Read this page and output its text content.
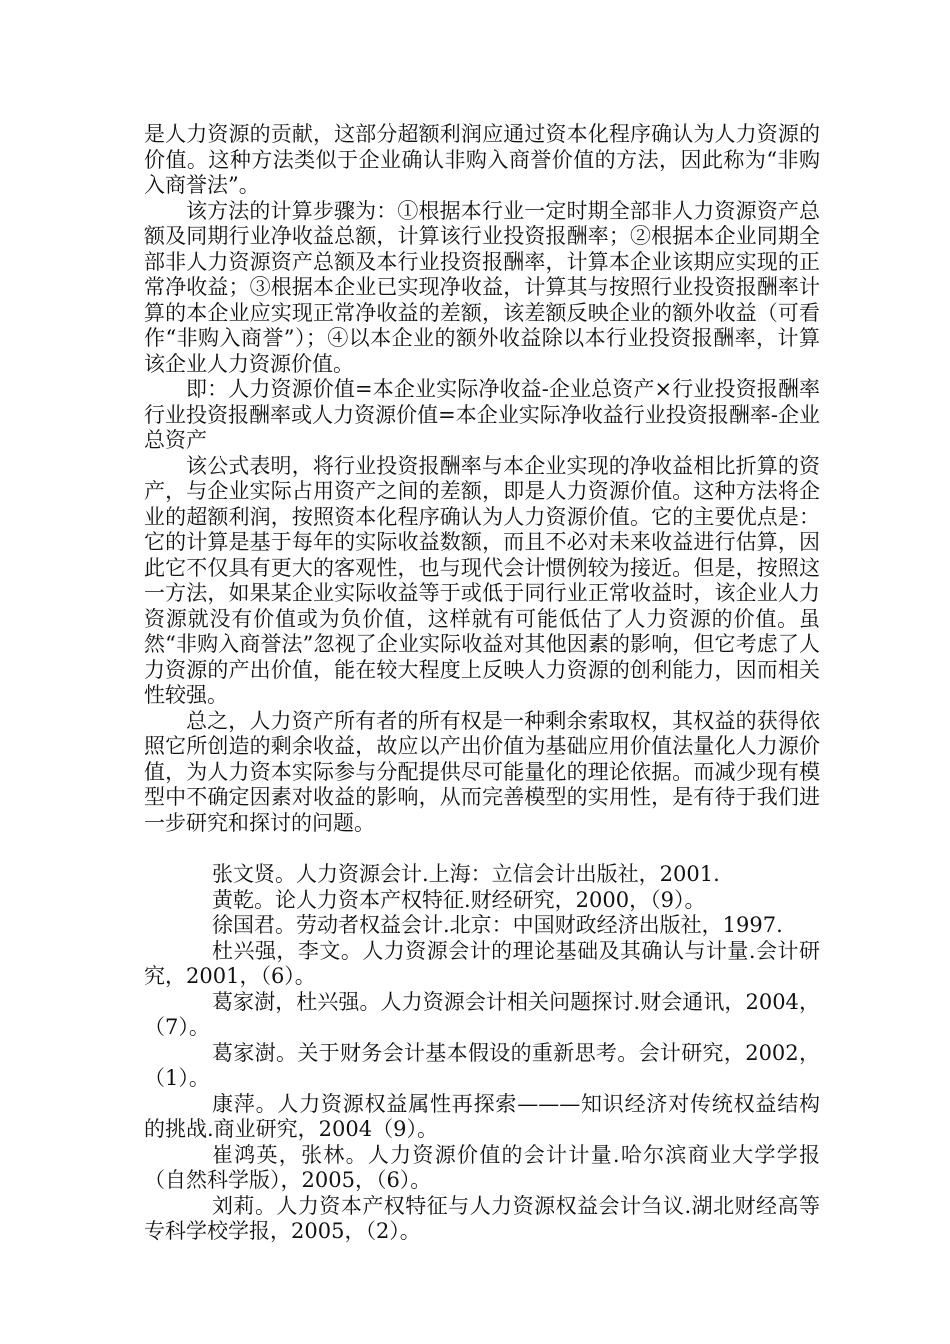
是人力资源的贡献，这部分超额利润应通过资本化程序确认为人力资源的价值。这种方法类似于企业确认非购入商誉价值的方法，因此称为“非购入商誉法”。

该方法的计算步骤为：①根据本行业一定时期全部非人力资源资产总额及同期行业净收益总额，计算该行业投资报酬率；②根据本企业同期全部非人力资源资产总额及本行业投资报酬率，计算本企业该期应实现的正常净收益；③根据本企业已实现净收益，计算其与按照行业投资报酬率计算的本企业应实现正常净收益的差额，该差额反映企业的额外收益（可看作“非购入商誉”）；④以本企业的额外收益除以本行业投资报酬率，计算该企业人力资源价值。

即：人力资源价值=本企业实际净收益-企业总资产×行业投资报酬率行业投资报酬率或人力资源价值=本企业实际净收益行业投资报酬率-企业总资产

该公式表明，将行业投资报酬率与本企业实现的净收益相比折算的资产，与企业实际占用资产之间的差额，即是人力资源价值。这种方法将企业的超额利润，按照资本化程序确认为人力资源价值。它的主要优点是：它的计算是基于每年的实际收益数额，而且不必对未来收益进行估算，因此它不仅具有更大的客观性，也与现代会计惯例较为接近。但是，按照这一方法，如果某企业实际收益等于或低于同行业正常收益时，该企业人力资源就没有价值或为负价值，这样就有可能低估了人力资源的价值。虽然“非购入商誉法”忽视了企业实际收益对其他因素的影响，但它考虑了人力资源的产出价值，能在较大程度上反映人力资源的创利能力，因而相关性较强。

总之，人力资产所有者的所有权是一种剩余索取权，其权益的获得依照它所创造的剩余收益，故应以产出价值为基础应用价值法量化人力源价值，为人力资本实际参与分配提供尽可能量化的理论依据。而减少现有模型中不确定因素对收益的影响，从而完善模型的实用性，是有待于我们进一步研究和探讨的问题。

张文贤。人力资源会计.上海：立信会计出版社，2001.

黄乾。论人力资本产权特征.财经研究，2000，（9）。

徐国君。劳动者权益会计.北京：中国财政经济出版社，1997.

杜兴强，李文。人力资源会计的理论基础及其确认与计量.会计研究，2001，（6）。

葛家澍，杜兴强。人力资源会计相关问题探讨.财会通讯，2004，（7）。

葛家澍。关于财务会计基本假设的重新思考。会计研究，2002，（1）。

康萍。人力资源权益属性再探索———知识经济对传统权益结构的挑战.商业研究，2004（9）。

崔鸿英，张林。人力资源价值的会计计量.哈尔滨商业大学学报（自然科学版），2005，（6）。

刘莉。人力资本产权特征与人力资源权益会计刍议.湖北财经高等专科学校学报，2005，（2）。
